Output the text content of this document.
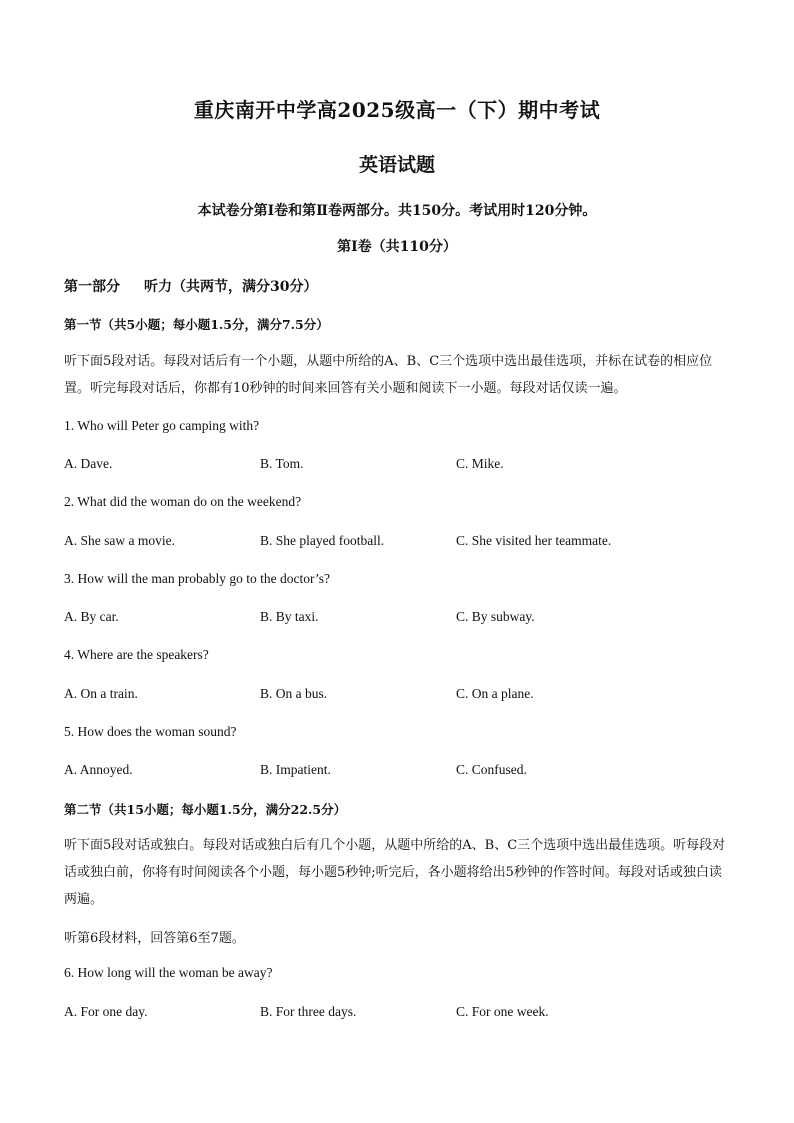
重庆南开中学高2025级高一（下）期中考试
英语试题
本试卷分第Ⅰ卷和第Ⅱ卷两部分。共150分。考试用时120分钟。
第Ⅰ卷（共110分）
第一部分 听力（共两节，满分30分）
第一节（共5小题；每小题1.5分，满分7.5分）
听下面5段对话。每段对话后有一个小题，从题中所给的A、B、C三个选项中选出最佳选项，并标在试卷的相应位置。听完每段对话后，你都有10秒钟的时间来回答有关小题和阅读下一小题。每段对话仅读一遍。
1. Who will Peter go camping with?
A. Dave.	B. Tom.	C. Mike.
2. What did the woman do on the weekend?
A. She saw a movie.	B. She played football.	C. She visited her teammate.
3. How will the man probably go to the doctor’s?
A. By car.	B. By taxi.	C. By subway.
4. Where are the speakers?
A. On a train.	B. On a bus.	C. On a plane.
5. How does the woman sound?
A. Annoyed.	B. Impatient.	C. Confused.
第二节（共15小题；每小题1.5分，满分22.5分）
听下面5段对话或独白。每段对话或独白后有几个小题，从题中所给的A、B、C三个选项中选出最佳选项。听每段对话或独白前，你将有时间阅读各个小题，每小题5秒钟;听完后，各小题将给出5秒钟的作答时间。每段对话或独白读两遍。
听第6段材料，回答第6至7题。
6. How long will the woman be away?
A. For one day.	B. For three days.	C. For one week.
